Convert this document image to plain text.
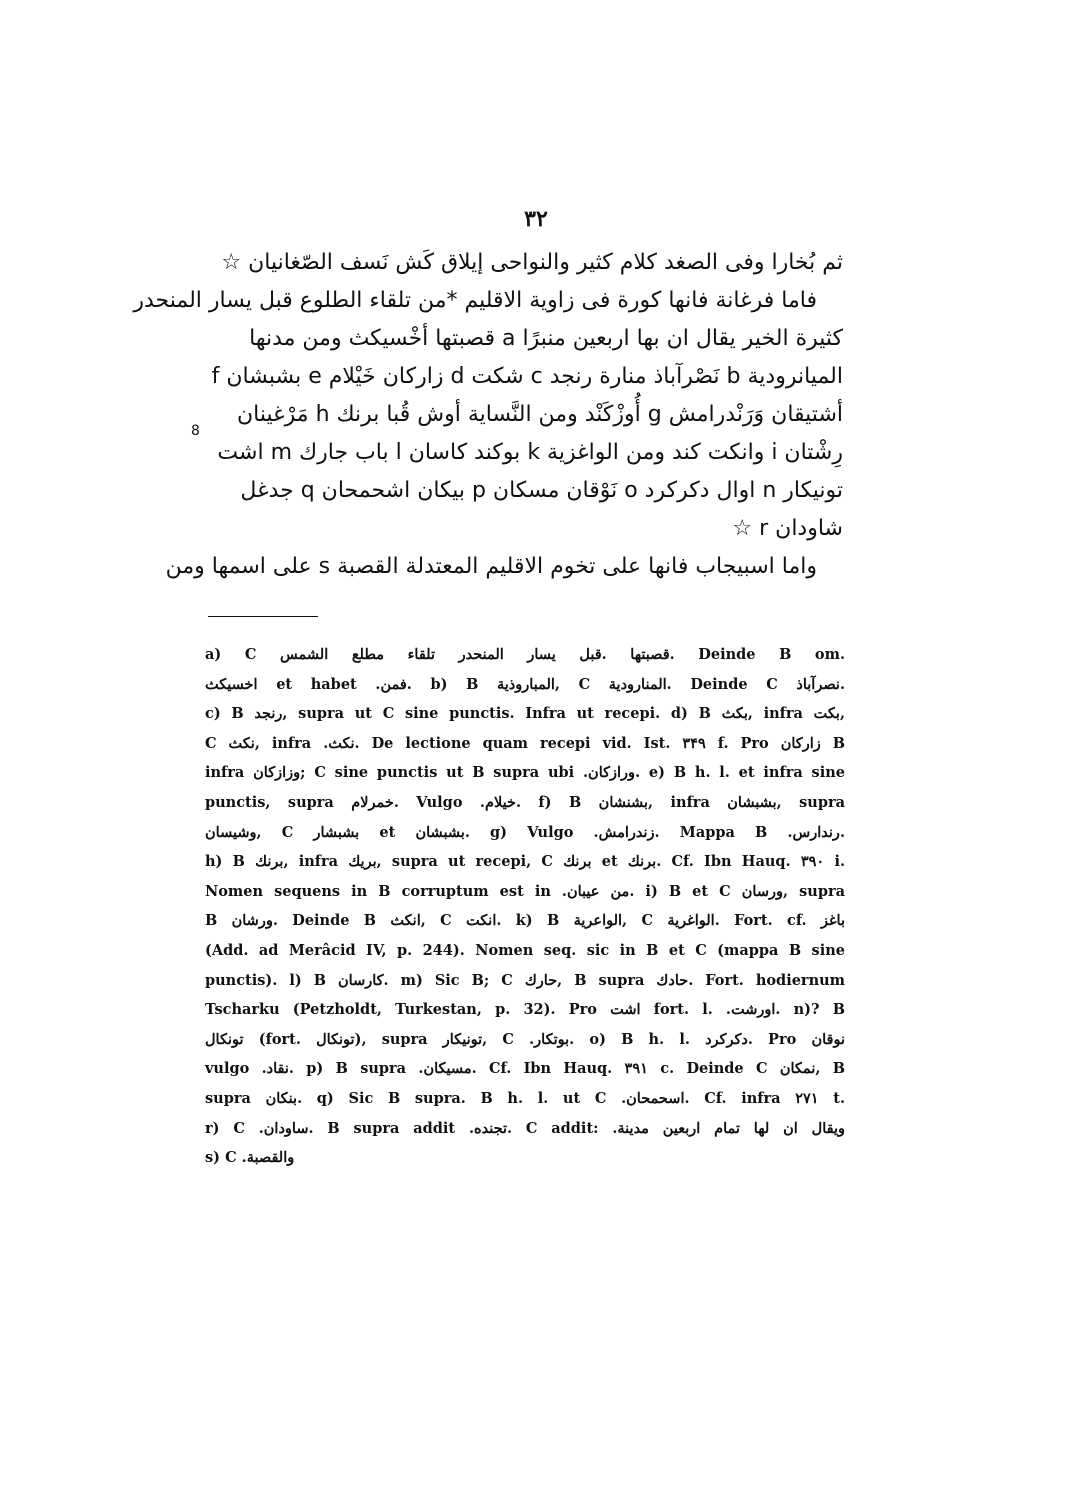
۳۲
ثم بُخارا وفى الصغد كلام كثير والنواحى إيلاق كَش نَسف الصّغانيان ☆
فاما فرغانة فانها كورة فى زاوية الاقليم *من تلقاء الطلوع قبل يسار المنحدر
كثيرة الخير يقال ان بها اربعين منبرًا a قصبتها أخْسيكث ومن مدنها
الميانرودية b نَصْرآباذ منارة رنجد c شكت d زاركان خَيْلام e بشبشان f
أشتيقان وَرَنْدرامش g أُوزْكَنْد ومن النَّساية أوش قُبا برنك h مَرْغينان
رِشْتان i وانكت كند ومن الواغزية k بوكند كاسان l باب جارك m اشت
تونيكار n اوال دكركرد o نَوْقان مسكان p بيكان اشحمحان q جدغل
شاودان r ☆
واما اسبيجاب فانها على تخوم الاقليم المعتدلة القصبة s على اسمها ومن
8
a) C قصبتها .قبل يسار المنحدر تلقاء مطلع الشمس. Deinde B om.
اخسيكث et habet .فمن. b) B المباروذية, C المنارودية. Deinde C نصرآباذ.
c) B رنجد, supra ut C sine punctis. Infra ut recepi. d) B بكث, infra بكت,
C نكث, infra .نكث. De lectione quam recepi vid. Ist. ۳۴۹ f. Pro زاركان B
infra وزازكان; C sine punctis ut B supra ubi .ورازكان. e) B h. l. et infra sine
punctis, supra خمرلام. Vulgo .خيلام. f) B بشنشان, infra بشبشان, supra
وشيسان, C بشبشار et بشبشان. g) Vulgo .زندرامش. Mappa B .رندارس.
h) B برنك, infra بريك, supra ut recepi, C برنك et برنك. Cf. Ibn Hauq. ۳۹۰ i.
Nomen sequens in B corruptum est in .من عيبان. i) B et C ورسان, supra
B ورشان. Deinde B انكث, C انكت. k) B الواعرية, C الواغرية. Fort. cf. باغز
(Add. ad Merâcid IV, p. 244). Nomen seq. sic in B et C (mappa B sine
punctis). l) B كارسان. m) Sic B; C حارك, B supra حادك. Fort. hodiernum
Tscharku (Petzholdt, Turkestan, p. 32). Pro اشت fort. l. .اورشت. n)? B
تونكال (fort. تونكال), supra تونيكار, C .بوتكار. o) B h. l. دكركرد. Pro نوقان
vulgo .نقاد. p) B supra .مسيكان. Cf. Ibn Hauq. ۳۹۱ c. Deinde C نمكان, B
supra بنكان. q) Sic B supra. B h. l. ut C .اسحمحان. Cf. infra ۲۷۱ t.
r) C .ساودان. B supra addit .تجنده. C addit: .ويقال ان لها تمام اربعين مدينة
s) C .والقصبة
